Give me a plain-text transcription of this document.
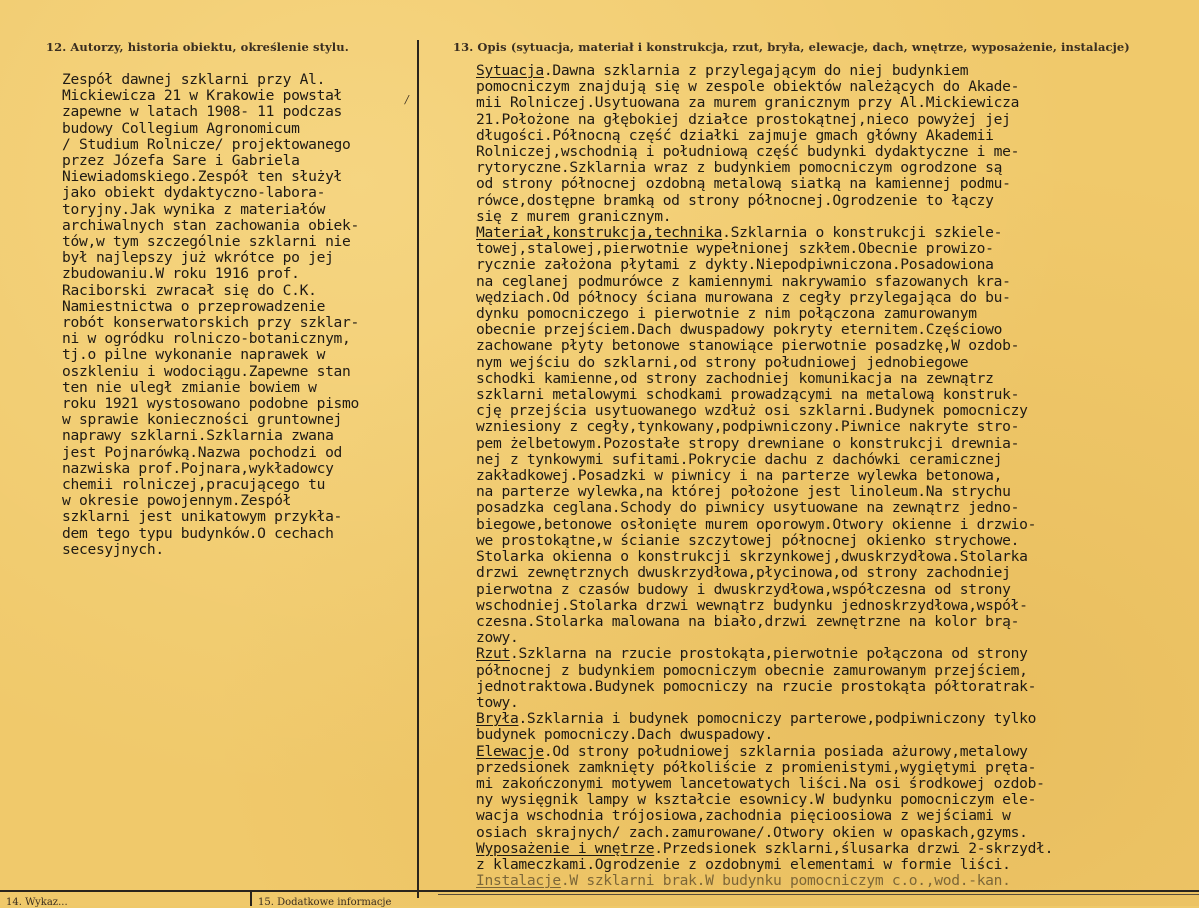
12. Autorzy, historia obiektu, określenie stylu.	13. Opis (sytuacja, materiał i konstrukcja, rzut, bryła, elewacje, dach, wnętrze, wyposażenie, instalacje)

/
Zespół dawnej szklarni przy Al.
Mickiewicza 21 w Krakowie powstał
zapewne w latach 1908- 11 podczas
budowy Collegium Agronomicum
/ Studium Rolnicze/ projektowanego
przez Józefa Sare i Gabriela
Niewiadomskiego.Zespół ten służył
jako obiekt dydaktyczno-labora-
toryjny.Jak wynika z materiałów
archiwalnych stan zachowania obiek-
tów,w tym szczególnie szklarni nie
był najlepszy już wkrótce po jej
zbudowaniu.W roku 1916 prof.
Raciborski zwracał się do C.K.
Namiestnictwa o przeprowadzenie
robót konserwatorskich przy szklar-
ni w ogródku rolniczo-botanicznym,
tj.o pilne wykonanie naprawek w
oszkleniu i wodociągu.Zapewne stan
ten nie uległ zmianie bowiem w
roku 1921 wystosowano podobne pismo
w sprawie konieczności gruntownej
naprawy szklarni.Szklarnia zwana
jest Pojnarówką.Nazwa pochodzi od
nazwiska prof.Pojnara,wykładowcy
chemii rolniczej,pracującego tu
w okresie powojennym.Zespół
szklarni jest unikatowym przykła-
dem tego typu budynków.O cechach
secesyjnych.
Sytuacja.Dawna szklarnia z przylegającym do niej budynkiem
pomocniczym znajdują się w zespole obiektów należących do Akade-
mii Rolniczej.Usytuowana za murem granicznym przy Al.Mickiewicza
21.Położone na głębokiej działce prostokątnej,nieco powyżej jej
długości.Północną część działki zajmuje gmach główny Akademii
Rolniczej,wschodnią i południową część budynki dydaktyczne i me-
rytoryczne.Szklarnia wraz z budynkiem pomocniczym ogrodzone są
od strony północnej ozdobną metalową siatką na kamiennej podmu-
rówce,dostępne bramką od strony północnej.Ogrodzenie to łączy
się z murem granicznym.
Materiał,konstrukcja,technika.Szklarnia o konstrukcji szkiele-
towej,stalowej,pierwotnie wypełnionej szkłem.Obecnie prowizo-
rycznie założona płytami z dykty.Niepodpiwniczona.Posadowiona
na ceglanej podmurówce z kamiennymi nakrywamio sfazowanych kra-
wędziach.Od północy ściana murowana z cegły przylegająca do bu-
dynku pomocniczego i pierwotnie z nim połączona zamurowanym
obecnie przejściem.Dach dwuspadowy pokryty eternitem.Częściowo
zachowane płyty betonowe stanowiące pierwotnie posadzkę,W ozdob-
nym wejściu do szklarni,od strony południowej jednobiegowe
schodki kamienne,od strony zachodniej komunikacja na zewnątrz
szklarni metalowymi schodkami prowadzącymi na metalową konstruk-
cję przejścia usytuowanego wzdłuż osi szklarni.Budynek pomocniczy
wzniesiony z cegły,tynkowany,podpiwniczony.Piwnice nakryte stro-
pem żelbetowym.Pozostałe stropy drewniane o konstrukcji drewnia-
nej z tynkowymi sufitami.Pokrycie dachu z dachówki ceramicznej
zakładkowej.Posadzki w piwnicy i na parterze wylewka betonowa,
na parterze wylewka,na której położone jest linoleum.Na strychu
posadzka ceglana.Schody do piwnicy usytuowane na zewnątrz jedno-
biegowe,betonowe osłonięte murem oporowym.Otwory okienne i drzwio-
we prostokątne,w ścianie szczytowej północnej okienko strychowe.
Stolarka okienna o konstrukcji skrzynkowej,dwuskrzydłowa.Stolarka
drzwi zewnętrznych dwuskrzydłowa,płycinowa,od strony zachodniej
pierwotna z czasów budowy i dwuskrzydłowa,współczesna od strony
wschodniej.Stolarka drzwi wewnątrz budynku jednoskrzydłowa,współ-
czesna.Stolarka malowana na biało,drzwi zewnętrzne na kolor brą-
zowy.
Rzut.Szklarna na rzucie prostokąta,pierwotnie połączona od strony
północnej z budynkiem pomocniczym obecnie zamurowanym przejściem,
jednotraktowa.Budynek pomocniczy na rzucie prostokąta półtoratrak-
towy.
Bryła.Szklarnia i budynek pomocniczy parterowe,podpiwniczony tylko
budynek pomocniczy.Dach dwuspadowy.
Elewacje.Od strony południowej szklarnia posiada ażurowy,metalowy
przedsionek zamknięty półkoliście z promienistymi,wygiętymi pręta-
mi zakończonymi motywem lancetowatych liści.Na osi środkowej ozdob-
ny wysięgnik lampy w kształcie esownicy.W budynku pomocniczym ele-
wacja wschodnia trójosiowa,zachodnia pięcioosiowa z wejściami w
osiach skrajnych/ zach.zamurowane/.Otwory okien w opaskach,gzyms.
Wyposażenie i wnętrze.Przedsionek szklarni,ślusarka drzwi 2-skrzydł.
z klameczkami.Ogrodzenie z ozdobnymi elementami w formie liści.
Instalacje.W szklarni brak.W budynku pomocniczym c.o.,wod.-kan.

14. Wykaz...	15. Dodatkowe informacje
